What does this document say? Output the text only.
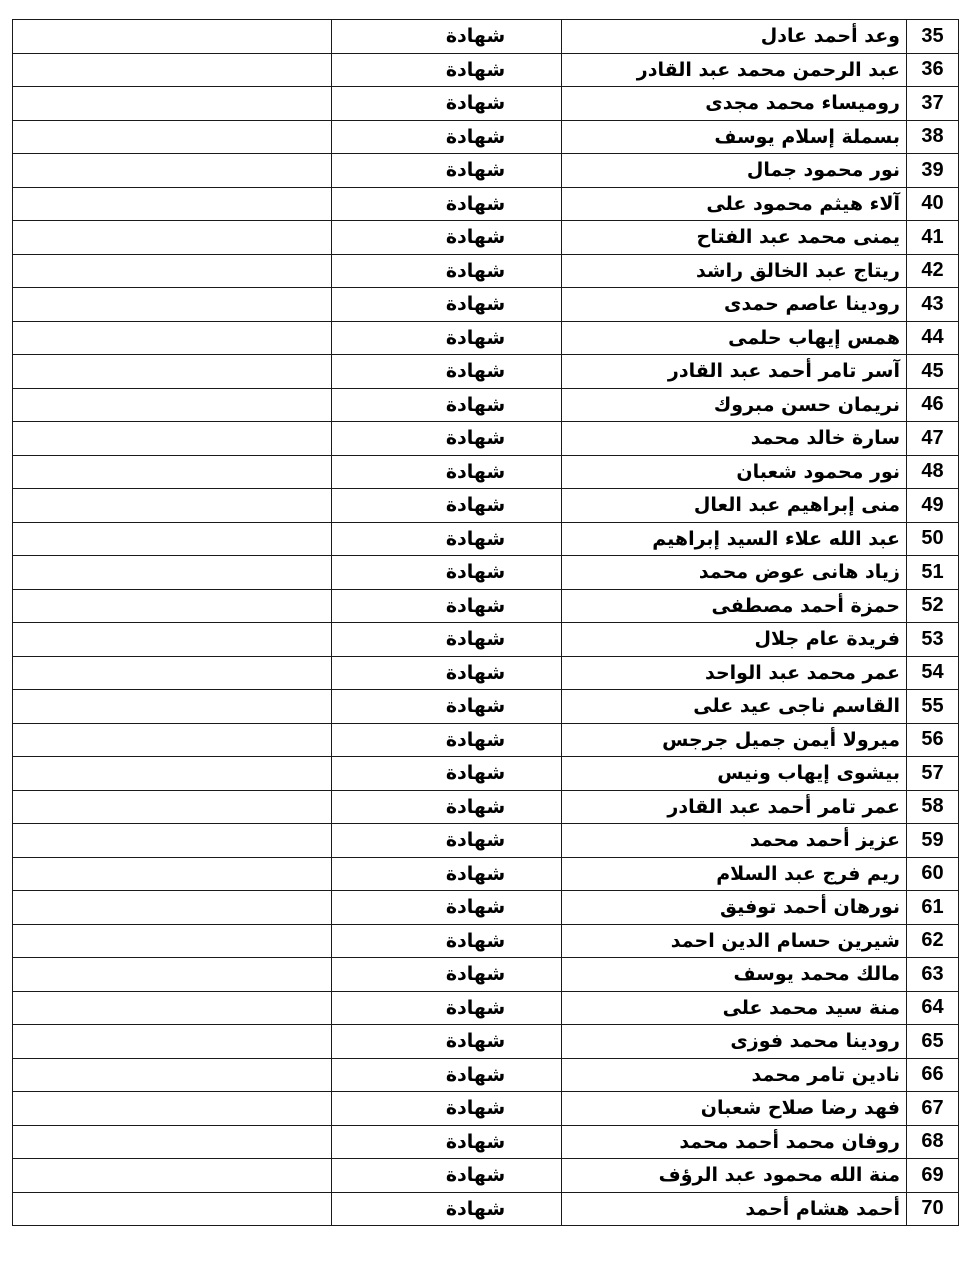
35	وعد أحمد عادل	شهادة	
36	عبد الرحمن محمد عبد القادر	شهادة	
37	روميساء محمد مجدى	شهادة	
38	بسملة إسلام يوسف	شهادة	
39	نور محمود جمال	شهادة	
40	آلاء هيثم محمود على	شهادة	
41	يمنى محمد عبد الفتاح	شهادة	
42	ريتاج عبد الخالق راشد	شهادة	
43	رودينا عاصم حمدى	شهادة	
44	همس إيهاب حلمى	شهادة	
45	آسر تامر أحمد عبد القادر	شهادة	
46	نريمان حسن مبروك	شهادة	
47	سارة خالد محمد	شهادة	
48	نور محمود شعبان	شهادة	
49	منى إبراهيم عبد العال	شهادة	
50	عبد الله علاء السيد إبراهيم	شهادة	
51	زياد هانى عوض محمد	شهادة	
52	حمزة أحمد مصطفى	شهادة	
53	فريدة عام جلال	شهادة	
54	عمر محمد عبد الواحد	شهادة	
55	القاسم ناجى عيد على	شهادة	
56	ميرولا أيمن جميل جرجس	شهادة	
57	بيشوى إيهاب ونيس	شهادة	
58	عمر تامر أحمد عبد القادر	شهادة	
59	عزيز أحمد محمد	شهادة	
60	ريم فرج عبد السلام	شهادة	
61	نورهان أحمد توفيق	شهادة	
62	شيرين حسام الدين احمد	شهادة	
63	مالك محمد يوسف	شهادة	
64	منة سيد محمد على	شهادة	
65	رودينا محمد فوزى	شهادة	
66	نادين تامر محمد	شهادة	
67	فهد رضا صلاح شعبان	شهادة	
68	روفان محمد أحمد محمد	شهادة	
69	منة الله محمود عبد الرؤف	شهادة	
70	أحمد هشام أحمد	شهادة	
